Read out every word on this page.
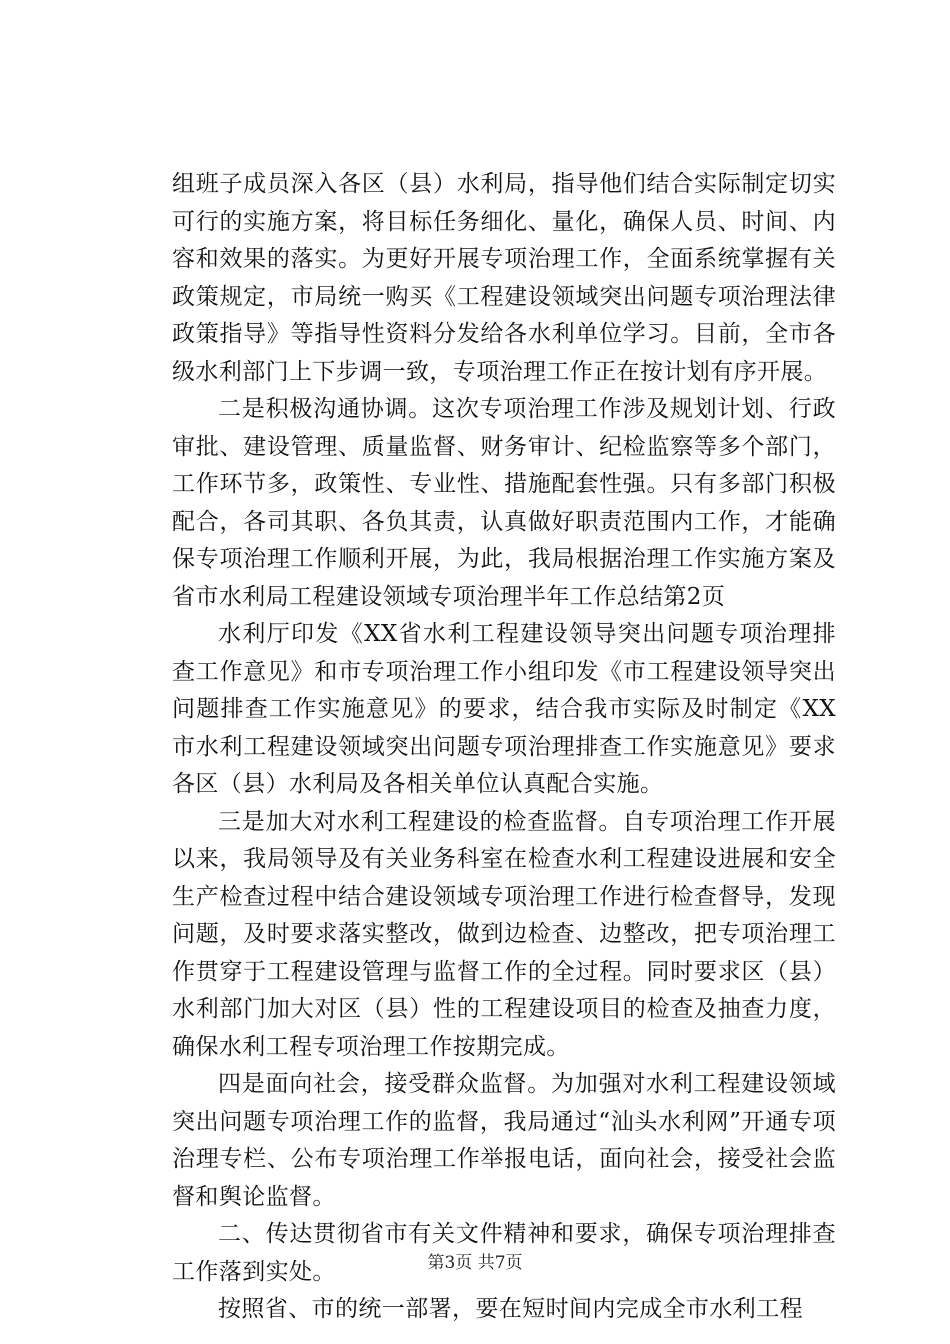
组班子成员深入各区（县）水利局，指导他们结合实际制定切实可行的实施方案，将目标任务细化、量化，确保人员、时间、内容和效果的落实。为更好开展专项治理工作，全面系统掌握有关政策规定，市局统一购买《工程建设领域突出问题专项治理法律政策指导》等指导性资料分发给各水利单位学习。目前，全市各级水利部门上下步调一致，专项治理工作正在按计划有序开展。

二是积极沟通协调。这次专项治理工作涉及规划计划、行政审批、建设管理、质量监督、财务审计、纪检监察等多个部门，工作环节多，政策性、专业性、措施配套性强。只有多部门积极配合，各司其职、各负其责，认真做好职责范围内工作，才能确保专项治理工作顺利开展，为此，我局根据治理工作实施方案及省市水利局工程建设领域专项治理半年工作总结第2页

水利厅印发《XX省水利工程建设领导突出问题专项治理排查工作意见》和市专项治理工作小组印发《市工程建设领导突出问题排查工作实施意见》的要求，结合我市实际及时制定《XX市水利工程建设领域突出问题专项治理排查工作实施意见》要求各区（县）水利局及各相关单位认真配合实施。

三是加大对水利工程建设的检查监督。自专项治理工作开展以来，我局领导及有关业务科室在检查水利工程建设进展和安全生产检查过程中结合建设领域专项治理工作进行检查督导，发现问题，及时要求落实整改，做到边检查、边整改，把专项治理工作贯穿于工程建设管理与监督工作的全过程。同时要求区（县）水利部门加大对区（县）性的工程建设项目的检查及抽查力度，确保水利工程专项治理工作按期完成。

四是面向社会，接受群众监督。为加强对水利工程建设领域突出问题专项治理工作的监督，我局通过“汕头水利网”开通专项治理专栏、公布专项治理工作举报电话，面向社会，接受社会监督和舆论监督。

二、传达贯彻省市有关文件精神和要求，确保专项治理排查工作落到实处。

按照省、市的统一部署，要在短时间内完成全市水利工程

第3页 共7页
